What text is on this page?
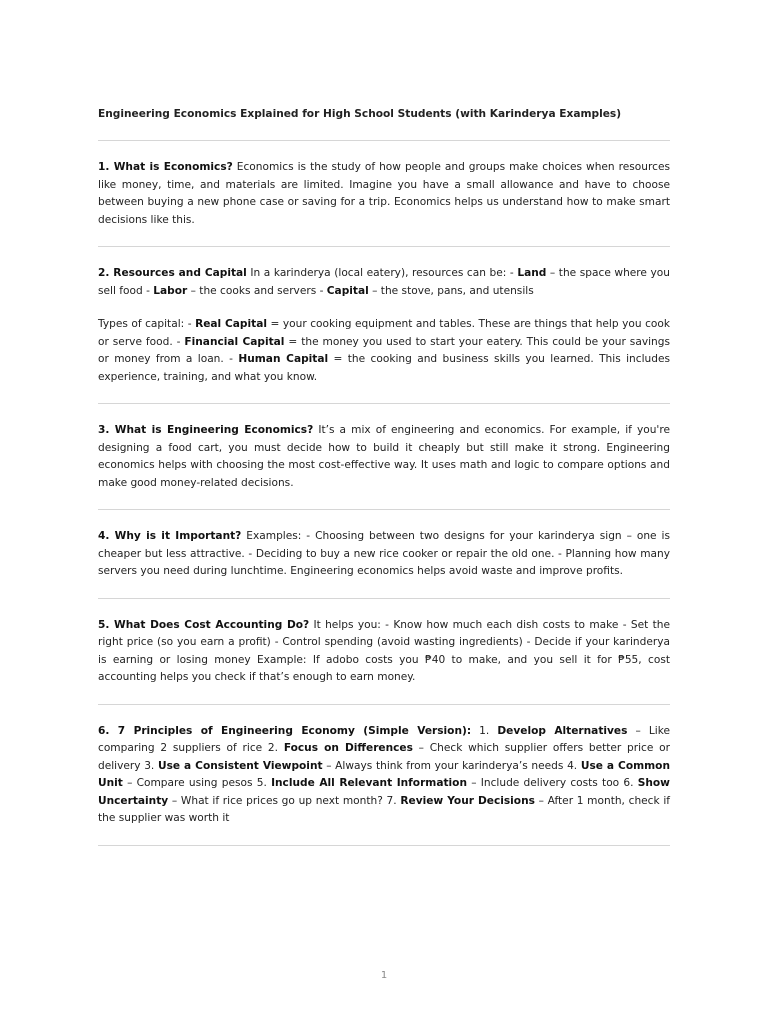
Engineering Economics Explained for High School Students (with Karinderya Examples)

1. What is Economics? Economics is the study of how people and groups make choices when resources like money, time, and materials are limited. Imagine you have a small allowance and have to choose between buying a new phone case or saving for a trip. Economics helps us understand how to make smart decisions like this.

2. Resources and Capital In a karinderya (local eatery), resources can be: - Land – the space where you sell food - Labor – the cooks and servers - Capital – the stove, pans, and utensils

Types of capital: - Real Capital = your cooking equipment and tables. These are things that help you cook or serve food. - Financial Capital = the money you used to start your eatery. This could be your savings or money from a loan. - Human Capital = the cooking and business skills you learned. This includes experience, training, and what you know.

3. What is Engineering Economics? It’s a mix of engineering and economics. For example, if you're designing a food cart, you must decide how to build it cheaply but still make it strong. Engineering economics helps with choosing the most cost-effective way. It uses math and logic to compare options and make good money-related decisions.

4. Why is it Important? Examples: - Choosing between two designs for your karinderya sign – one is cheaper but less attractive. - Deciding to buy a new rice cooker or repair the old one. - Planning how many servers you need during lunchtime. Engineering economics helps avoid waste and improve profits.

5. What Does Cost Accounting Do? It helps you: - Know how much each dish costs to make - Set the right price (so you earn a profit) - Control spending (avoid wasting ingredients) - Decide if your karinderya is earning or losing money Example: If adobo costs you ₱40 to make, and you sell it for ₱55, cost accounting helps you check if that’s enough to earn money.

6. 7 Principles of Engineering Economy (Simple Version): 1. Develop Alternatives – Like comparing 2 suppliers of rice 2. Focus on Differences – Check which supplier offers better price or delivery 3. Use a Consistent Viewpoint – Always think from your karinderya’s needs 4. Use a Common Unit – Compare using pesos 5. Include All Relevant Information – Include delivery costs too 6. Show Uncertainty – What if rice prices go up next month? 7. Review Your Decisions – After 1 month, check if the supplier was worth it

1
